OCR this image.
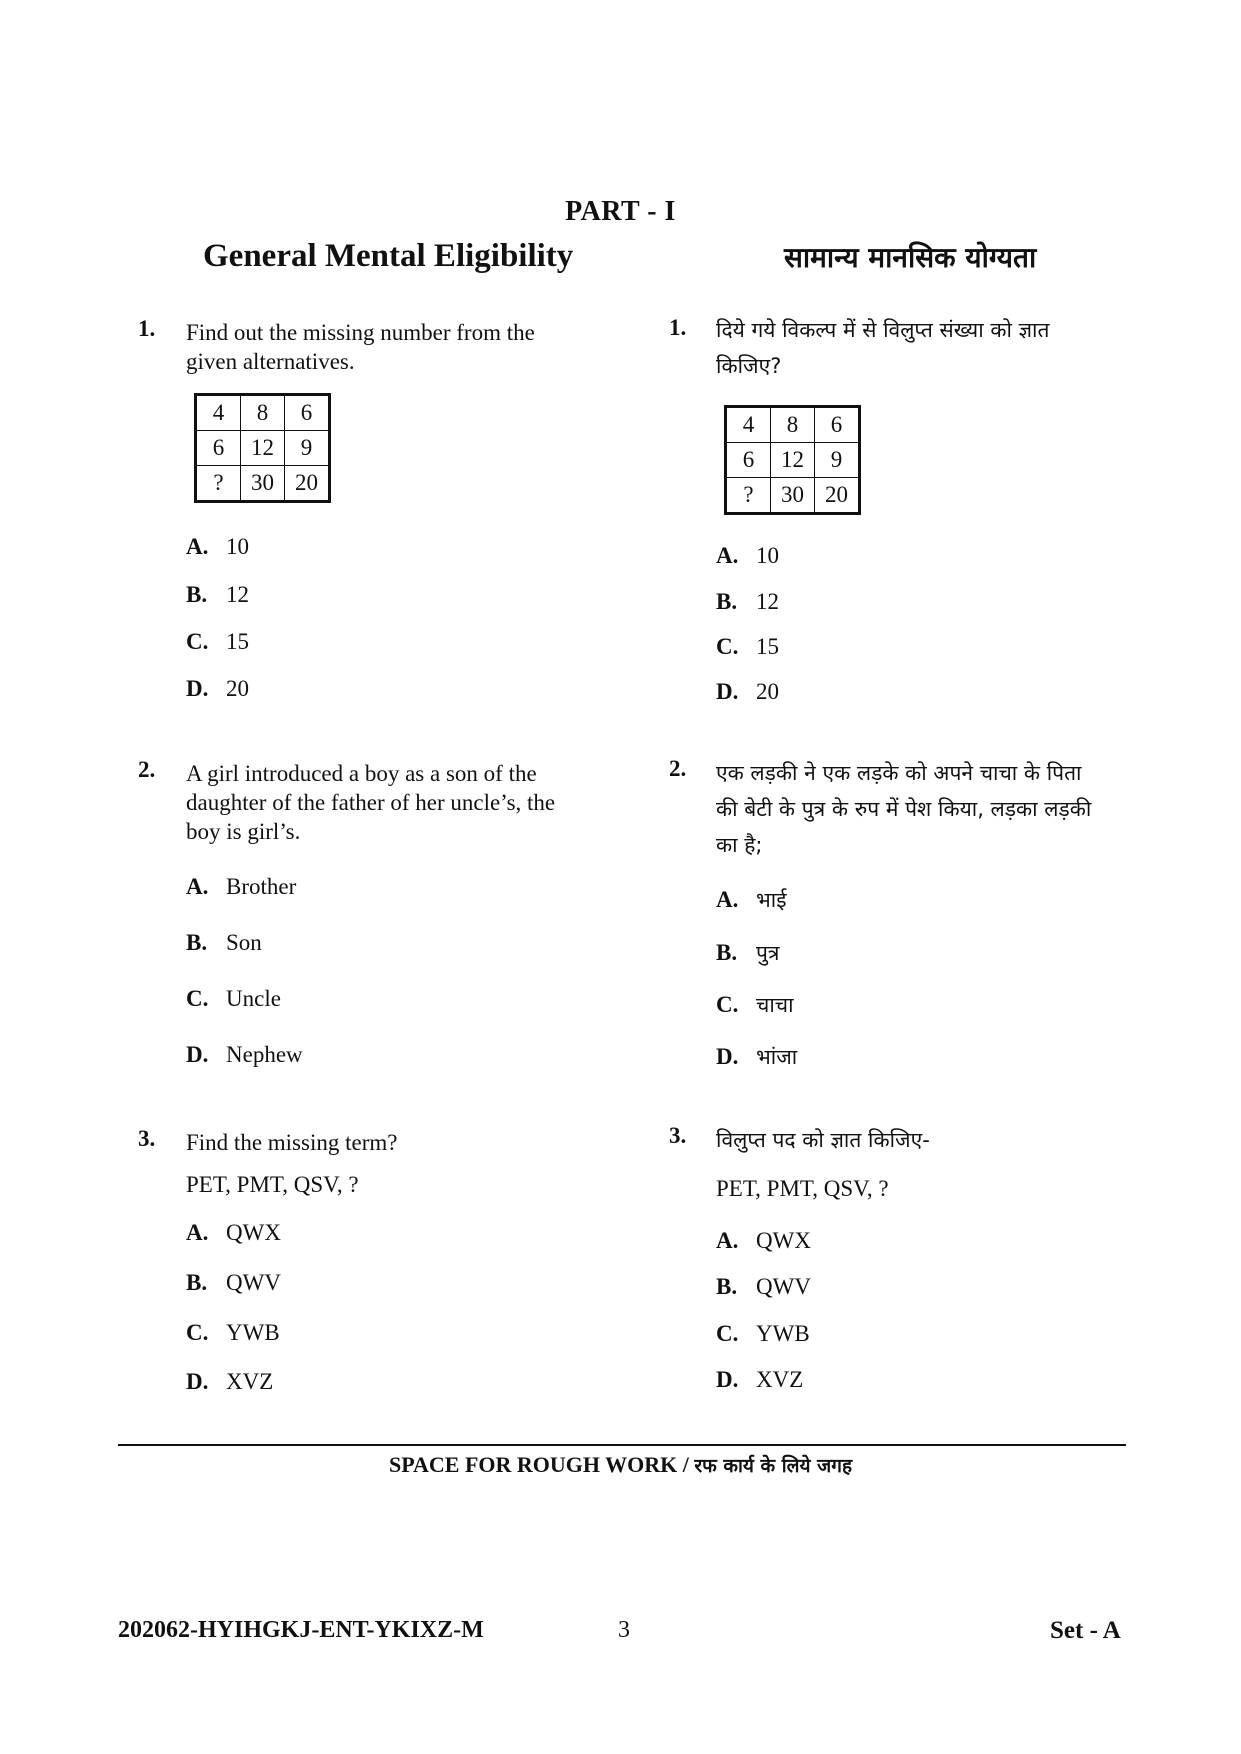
PART - I
General Mental Eligibility	सामान्य मानसिक योग्यता
1. Find out the missing number from the
given alternatives.
4	8	6
6	12	9
?	30	20
A. 10
B. 12
C. 15
D. 20
1. दिये गये विकल्प में से विलुप्त संख्या को ज्ञात
किजिए?
4	8	6
6	12	9
?	30	20
A. 10
B. 12
C. 15
D. 20
2. A girl introduced a boy as a son of the
daughter of the father of her uncle’s, the
boy is girl’s.
A. Brother
B. Son
C. Uncle
D. Nephew
2. एक लड़की ने एक लड़के को अपने चाचा के पिता
की बेटी के पुत्र के रुप में पेश किया, लड़का लड़की
का है;
A. भाई
B. पुत्र
C. चाचा
D. भांजा
3. Find the missing term?
PET, PMT, QSV, ?
A. QWX
B. QWV
C. YWB
D. XVZ
3. विलुप्त पद को ज्ञात किजिए-
PET, PMT, QSV, ?
A. QWX
B. QWV
C. YWB
D. XVZ
SPACE FOR ROUGH WORK / रफ कार्य के लिये जगह
202062-HYIHGKJ-ENT-YKIXZ-M	3	Set - A
